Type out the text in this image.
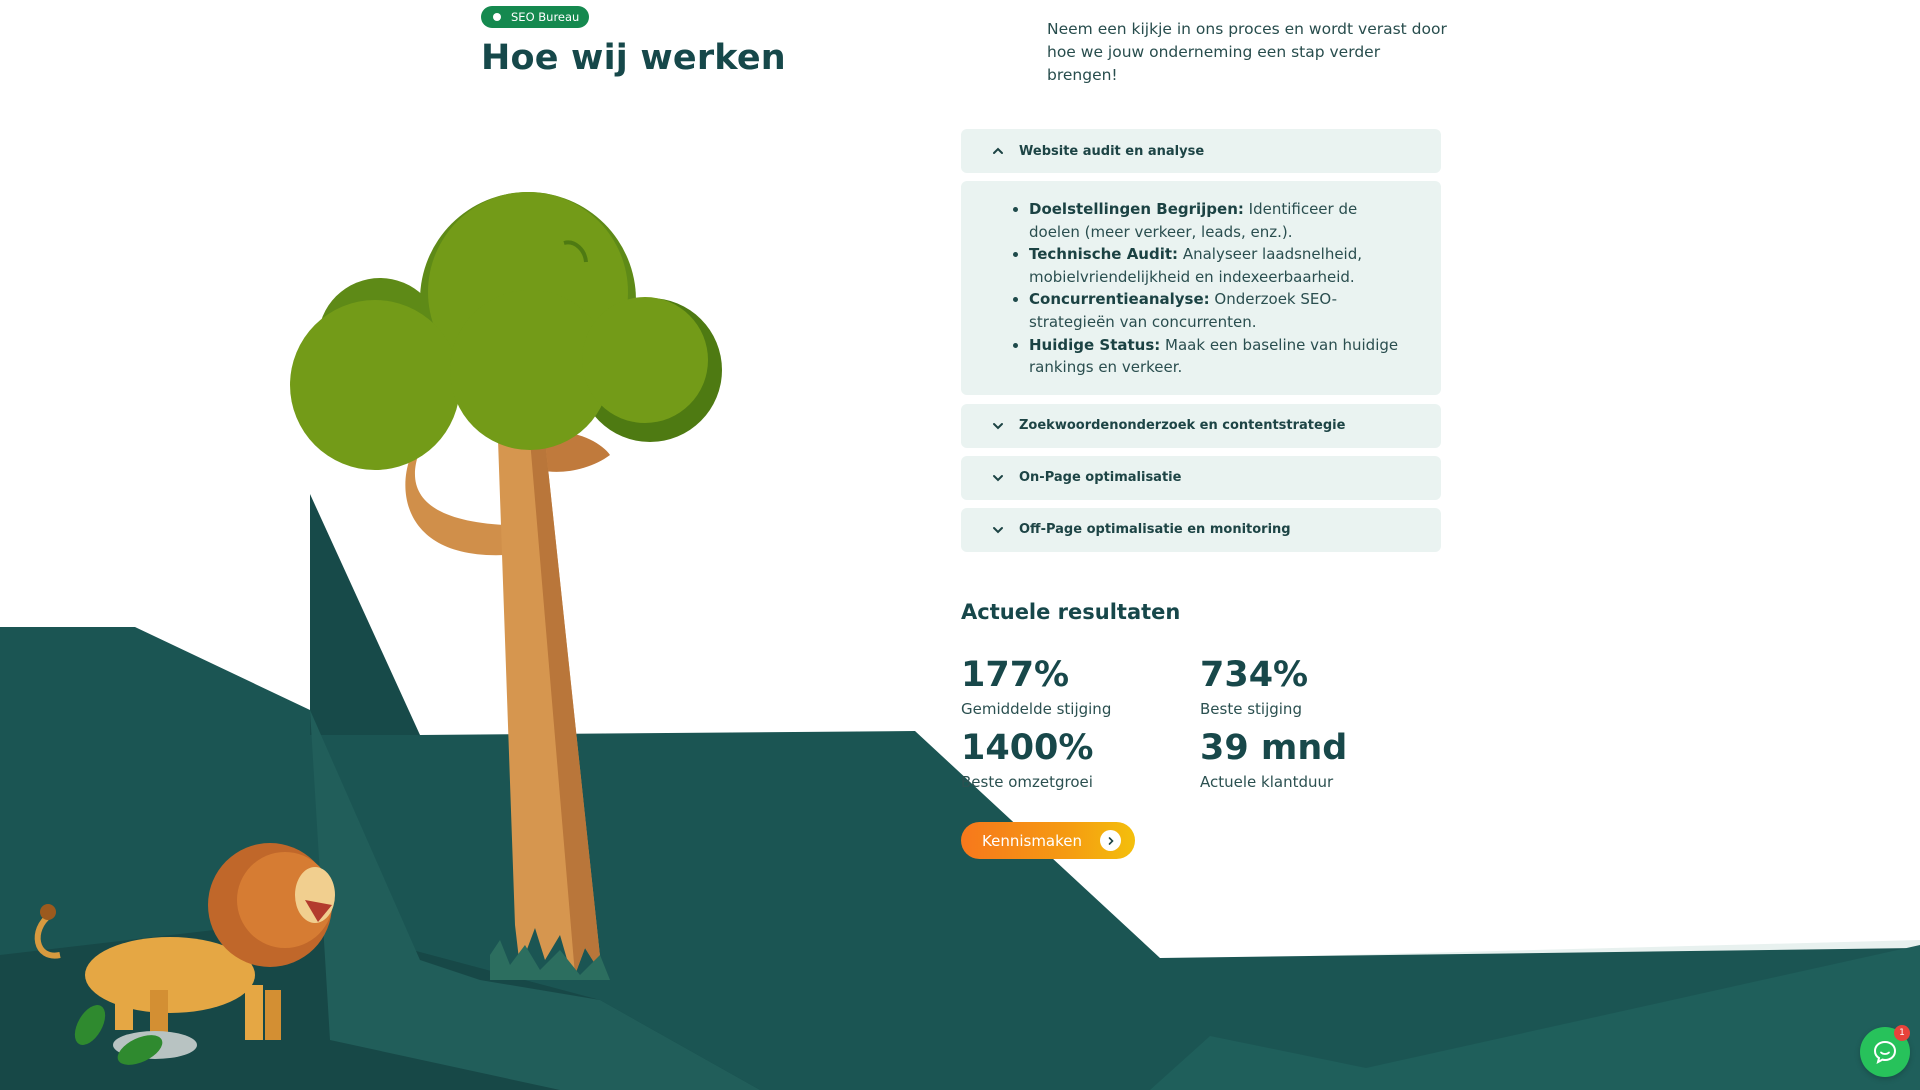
SEO Bureau
Hoe wij werken

Neem een kijkje in ons proces en wordt verast door hoe we jouw onderneming een stap verder brengen!

Website audit en analyse
Doelstellingen Begrijpen: Identificeer de doelen (meer verkeer, leads, enz.).
Technische Audit: Analyseer laadsnelheid, mobielvriendelijkheid en indexeerbaarheid.
Concurrentieanalyse: Onderzoek SEO-strategieën van concurrenten.
Huidige Status: Maak een baseline van huidige rankings en verkeer.
Zoekwoordenonderzoek en contentstrategie
On-Page optimalisatie
Off-Page optimalisatie en monitoring
Actuele resultaten
177%
Gemiddelde stijging
734%
Beste stijging
1400%
Beste omzetgroei
39 mnd
Actuele klantduur
Kennismaken
1
